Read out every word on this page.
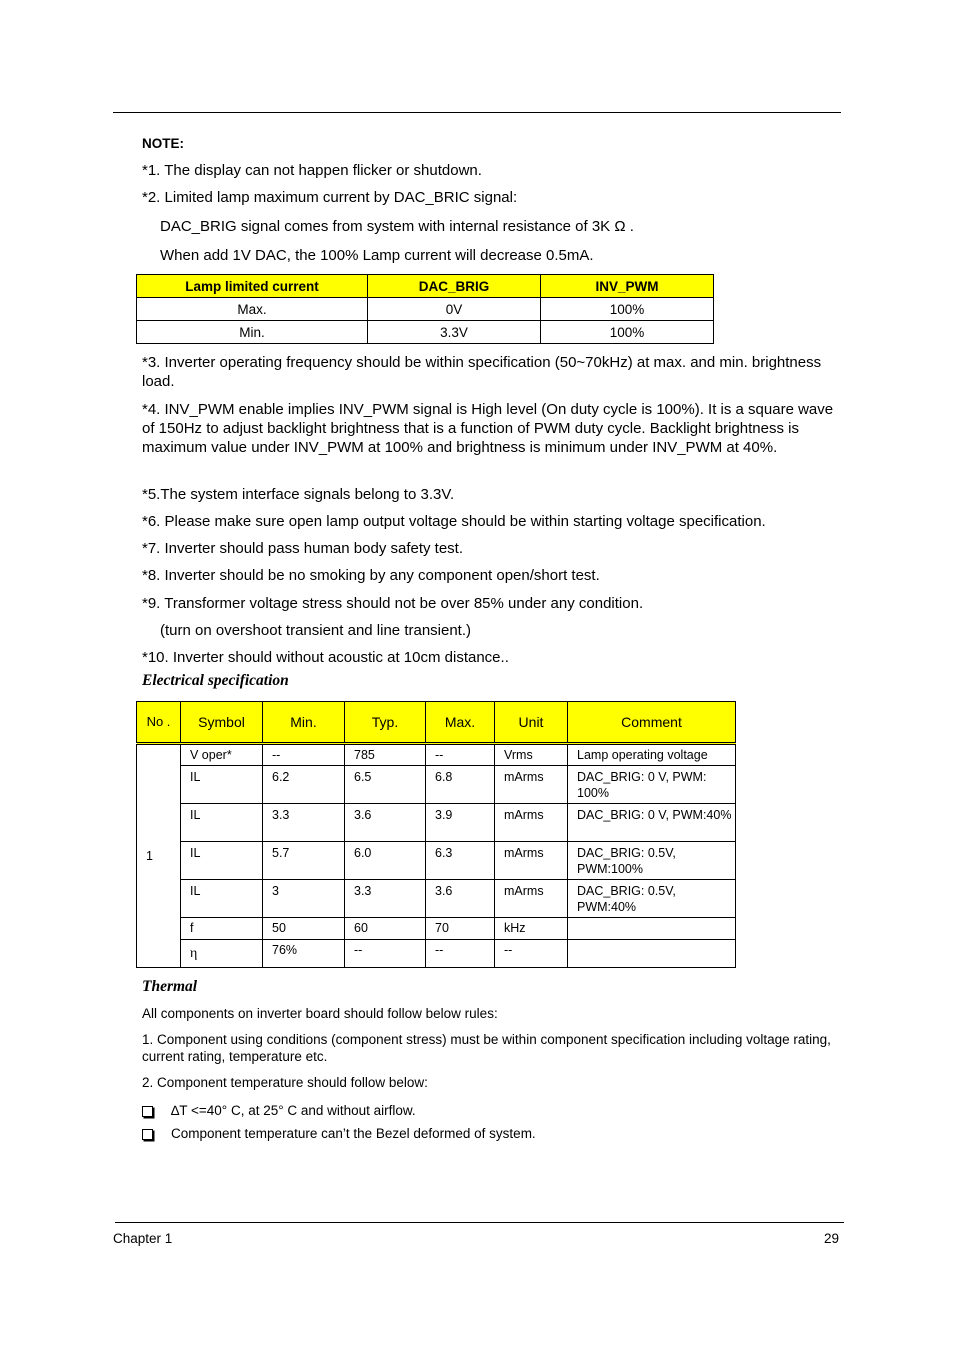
NOTE:
*1. The display can not happen flicker or shutdown.
*2. Limited lamp maximum current by DAC_BRIC signal:
DAC_BRIG signal comes from system with internal resistance of 3K Ω .
When add 1V DAC, the 100% Lamp current will decrease 0.5mA.
Lamp limited current	DAC_BRIG	INV_PWM
Max.	0V	100%
Min.	3.3V	100%
*3. Inverter operating frequency should be within specification (50~70kHz) at max. and min. brightness load.
*4. INV_PWM enable implies INV_PWM signal is High level (On duty cycle is 100%). It is a square wave of 150Hz to adjust backlight brightness that is a function of PWM duty cycle. Backlight brightness is maximum value under INV_PWM at 100% and brightness is minimum under INV_PWM at 40%.
*5.The system interface signals belong to 3.3V.
*6. Please make sure open lamp output voltage should be within starting voltage specification.
*7. Inverter should pass human body safety test.
*8. Inverter should be no smoking by any component open/short test.
*9. Transformer voltage stress should not be over 85% under any condition.
(turn on overshoot transient and line transient.)
*10. Inverter should without acoustic at 10cm distance..
Electrical specification
No .	Symbol	Min.	Typ.	Max.	Unit	Comment
1	V oper*	--	785	--	Vrms	Lamp operating voltage
	IL	6.2	6.5	6.8	mArms	DAC_BRIG: 0 V, PWM: 100%
	IL	3.3	3.6	3.9	mArms	DAC_BRIG: 0 V, PWM:40%
	IL	5.7	6.0	6.3	mArms	DAC_BRIG: 0.5V, PWM:100%
	IL	3	3.3	3.6	mArms	DAC_BRIG: 0.5V, PWM:40%
	f	50	60	70	kHz	
	η	76%	--	--	--	
Thermal
All components on inverter board should follow below rules:
1. Component using conditions (component stress) must be within component specification including voltage rating, current rating, temperature etc.
2. Component temperature should follow below:
∆T <=40° C, at 25° C and without airflow.
Component temperature can’t the Bezel deformed of system.
Chapter 1	29
